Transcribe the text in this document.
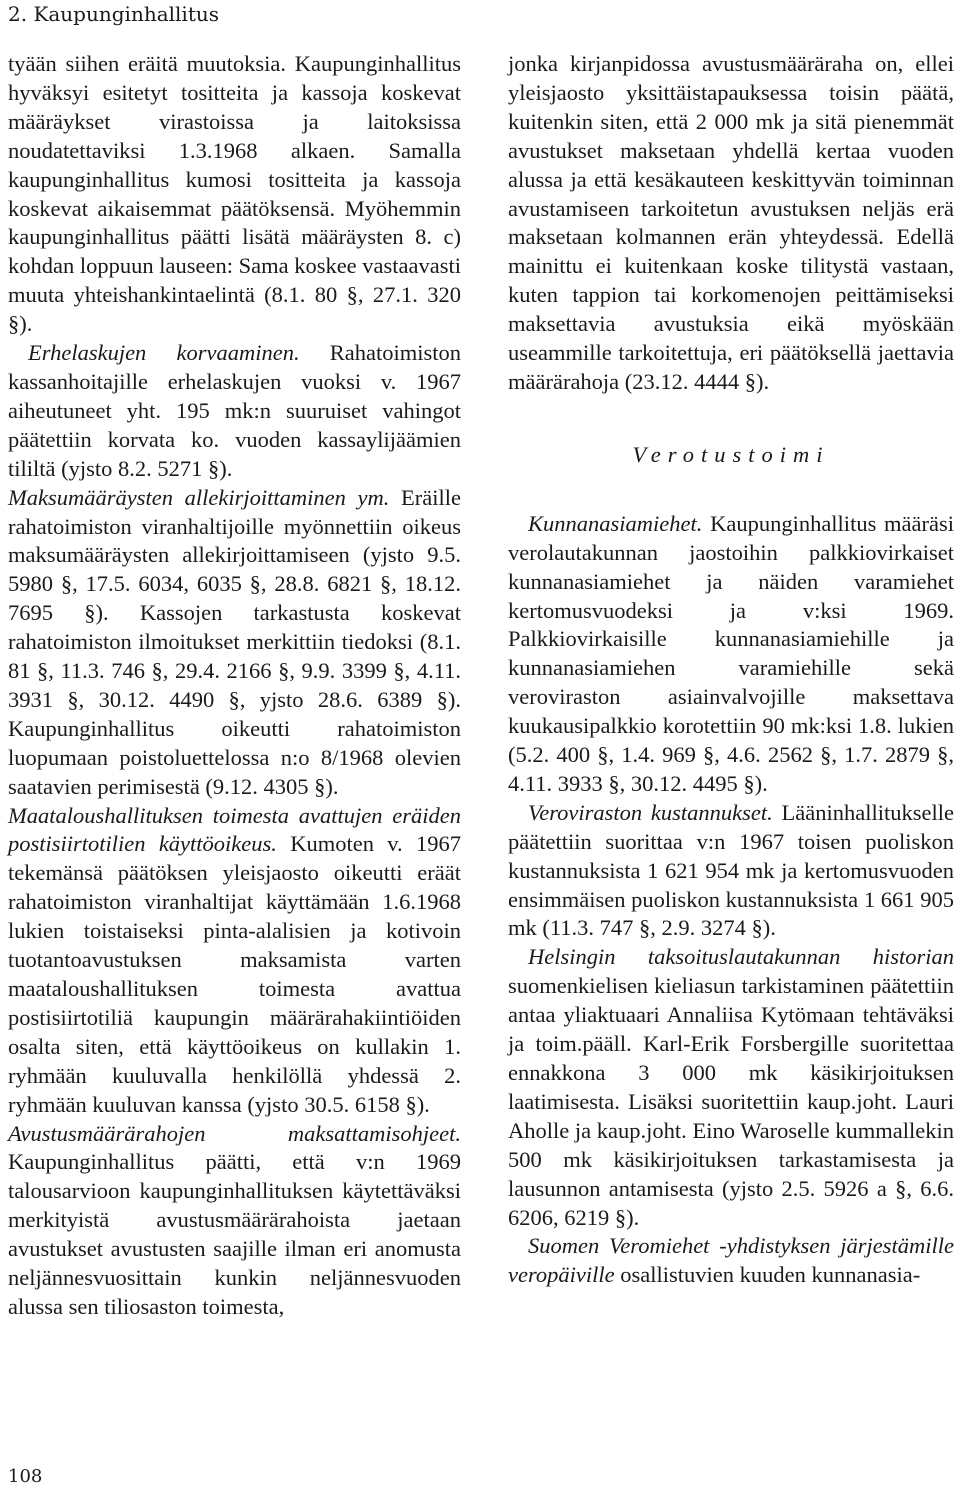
2. Kaupunginhallitus

tyään siihen eräitä muutoksia. Kaupunginhallitus hyväksyi esitetyt tositteita ja kassoja koskevat määräykset virastoissa ja laitoksissa noudatettaviksi 1.3.1968 alkaen. Samalla kaupunginhallitus kumosi tositteita ja kassoja koskevat aikaisemmat päätöksensä. Myöhemmin kaupunginhallitus päätti lisätä määräysten 8. c) kohdan loppuun lauseen: Sama koskee vastaavasti muuta yhteishankintaelintä (8.1. 80 §, 27.1. 320 §).

Erhelaskujen korvaaminen. Rahatoimiston kassanhoitajille erhelaskujen vuoksi v. 1967 aiheutuneet yht. 195 mk:n suuruiset vahingot päätettiin korvata ko. vuoden kassaylijäämien tililtä (yjsto 8.2. 5271 §).

Maksumääräysten allekirjoittaminen ym. Eräille rahatoimiston viranhaltijoille myönnettiin oikeus maksumääräysten allekirjoittamiseen (yjsto 9.5. 5980 §, 17.5. 6034, 6035 §, 28.8. 6821 §, 18.12. 7695 §). Kassojen tarkastusta koskevat rahatoimiston ilmoitukset merkittiin tiedoksi (8.1. 81 §, 11.3. 746 §, 29.4. 2166 §, 9.9. 3399 §, 4.11. 3931 §, 30.12. 4490 §, yjsto 28.6. 6389 §). Kaupunginhallitus oikeutti rahatoimiston luopumaan poistoluettelossa n:o 8/1968 olevien saatavien perimisestä (9.12. 4305 §).

Maataloushallituksen toimesta avattujen eräiden postisiirtotilien käyttöoikeus. Kumoten v. 1967 tekemänsä päätöksen yleisjaosto oikeutti eräät rahatoimiston viranhaltijat käyttämään 1.6.1968 lukien toistaiseksi pinta-alalisien ja kotivoin tuotantoavustuksen maksamista varten maataloushallituksen toimesta avattua postisiirtotiliä kaupungin määrärahakiintiöiden osalta siten, että käyttöoikeus on kullakin 1. ryhmään kuuluvalla henkilöllä yhdessä 2. ryhmään kuuluvan kanssa (yjsto 30.5. 6158 §).

Avustusmäärärahojen maksattamisohjeet. Kaupunginhallitus päätti, että v:n 1969 talousarvioon kaupunginhallituksen käytettäväksi merkityistä avustusmäärärahoista jaetaan avustukset avustusten saajille ilman eri anomusta neljännesvuosittain kunkin neljännesvuoden alussa sen tiliosaston toimesta,

jonka kirjanpidossa avustusmääräraha on, ellei yleisjaosto yksittäistapauksessa toisin päätä, kuitenkin siten, että 2 000 mk ja sitä pienemmät avustukset maksetaan yhdellä kertaa vuoden alussa ja että kesäkauteen keskittyvän toiminnan avustamiseen tarkoitetun avustuksen neljäs erä maksetaan kolmannen erän yhteydessä. Edellä mainittu ei kuitenkaan koske tilitystä vastaan, kuten tappion tai korkomenojen peittämiseksi maksettavia avustuksia eikä myöskään useammille tarkoitettuja, eri päätöksellä jaettavia määrärahoja (23.12. 4444 §).

Verotustoimi

Kunnanasiamiehet. Kaupunginhallitus määräsi verolautakunnan jaostoihin palkkiovirkaiset kunnanasiamiehet ja näiden varamiehet kertomusvuodeksi ja v:ksi 1969. Palkkiovirkaisille kunnanasiamiehille ja kunnanasiamiehen varamiehille sekä veroviraston asiainvalvojille maksettava kuukausipalkkio korotettiin 90 mk:ksi 1.8. lukien (5.2. 400 §, 1.4. 969 §, 4.6. 2562 §, 1.7. 2879 §, 4.11. 3933 §, 30.12. 4495 §).

Veroviraston kustannukset. Lääninhallitukselle päätettiin suorittaa v:n 1967 toisen puoliskon kustannuksista 1 621 954 mk ja kertomusvuoden ensimmäisen puoliskon kustannuksista 1 661 905 mk (11.3. 747 §, 2.9. 3274 §).

Helsingin taksoituslautakunnan historian suomenkielisen kieliasun tarkistaminen päätettiin antaa yliaktuaari Annaliisa Kytömaan tehtäväksi ja toim.pääll. Karl-Erik Forsbergille suoritettaa ennakkona 3 000 mk käsikirjoituksen laatimisesta. Lisäksi suoritettiin kaup.joht. Lauri Aholle ja kaup.joht. Eino Waroselle kummallekin 500 mk käsikirjoituksen tarkastamisesta ja lausunnon antamisesta (yjsto 2.5. 5926 a §, 6.6. 6206, 6219 §).

Suomen Veromiehet -yhdistyksen järjestämille veropäiville osallistuvien kuuden kunnanasia-

108
